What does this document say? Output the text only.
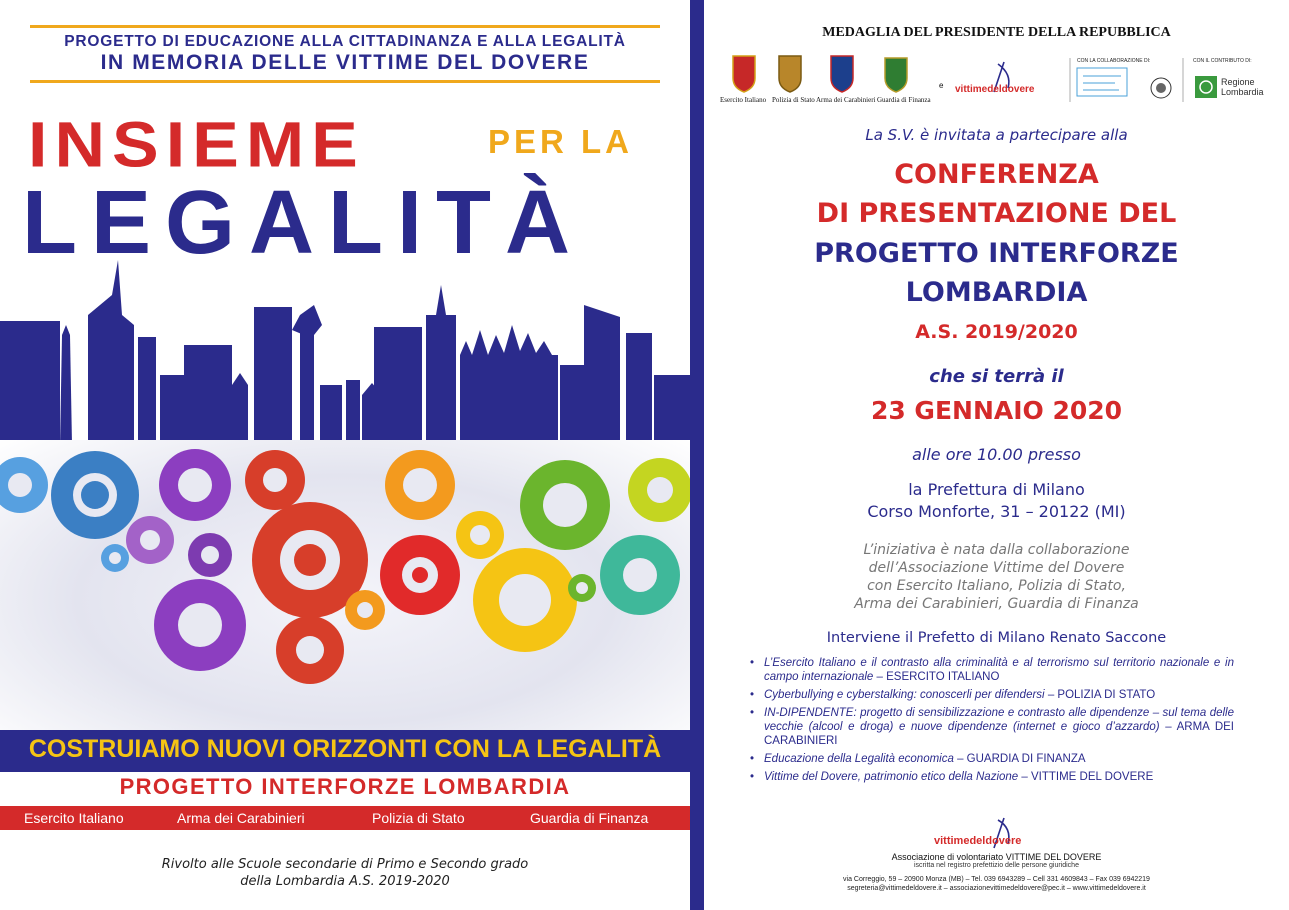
PROGETTO DI EDUCAZIONE ALLA CITTADINANZA E ALLA LEGALITÀ
IN MEMORIA DELLE VITTIME DEL DOVERE
INSIEME	PER LA
LEGALITÀ
COSTRUIAMO NUOVI ORIZZONTI CON LA LEGALITÀ
PROGETTO INTERFORZE LOMBARDIA
Esercito Italiano	Arma dei Carabinieri	Polizia di Stato	Guardia di Finanza
Rivolto alle Scuole secondarie di Primo e Secondo grado
della Lombardia A.S. 2019-2020
MEDAGLIA DEL PRESIDENTE DELLA REPUBBLICA
Esercito Italiano Polizia di Stato Arma dei Carabinieri Guardia di Finanza
e vittimedeldovere
CON LA COLLABORAZIONE DI:	CON IL CONTRIBUTO DI:
Regione
Lombardia
La S.V. è invitata a partecipare alla
CONFERENZA
DI PRESENTAZIONE DEL
PROGETTO INTERFORZE
LOMBARDIA
A.S. 2019/2020
che si terrà il
23 GENNAIO 2020
alle ore 10.00 presso
la Prefettura di Milano
Corso Monforte, 31 – 20122 (MI)
L’iniziativa è nata dalla collaborazione
dell’Associazione Vittime del Dovere
con Esercito Italiano, Polizia di Stato,
Arma dei Carabinieri, Guardia di Finanza
Interviene il Prefetto di Milano Renato Saccone
• L’Esercito Italiano e il contrasto alla criminalità e al terrorismo sul territorio nazionale e in campo internazionale – ESERCITO ITALIANO
• Cyberbullying e cyberstalking: conoscerli per difendersi – POLIZIA DI STATO
• IN-DIPENDENTE: progetto di sensibilizzazione e contrasto alle dipendenze – sul tema delle vecchie (alcool e droga) e nuove dipendenze (internet e gioco d’azzardo) – ARMA DEI CARABINIERI
• Educazione della Legalità economica – GUARDIA DI FINANZA
• Vittime del Dovere, patrimonio etico della Nazione – VITTIME DEL DOVERE
vittimedeldovere
Associazione di volontariato VITTIME DEL DOVERE
iscritta nel registro prefettizio delle persone giuridiche
via Correggio, 59 – 20900 Monza (MB) – Tel. 039 6943289 – Cell 331 4609843 – Fax 039 6942219
segreteria@vittimedeldovere.it – associazionevittimedeldovere@pec.it – www.vittimedeldovere.it
